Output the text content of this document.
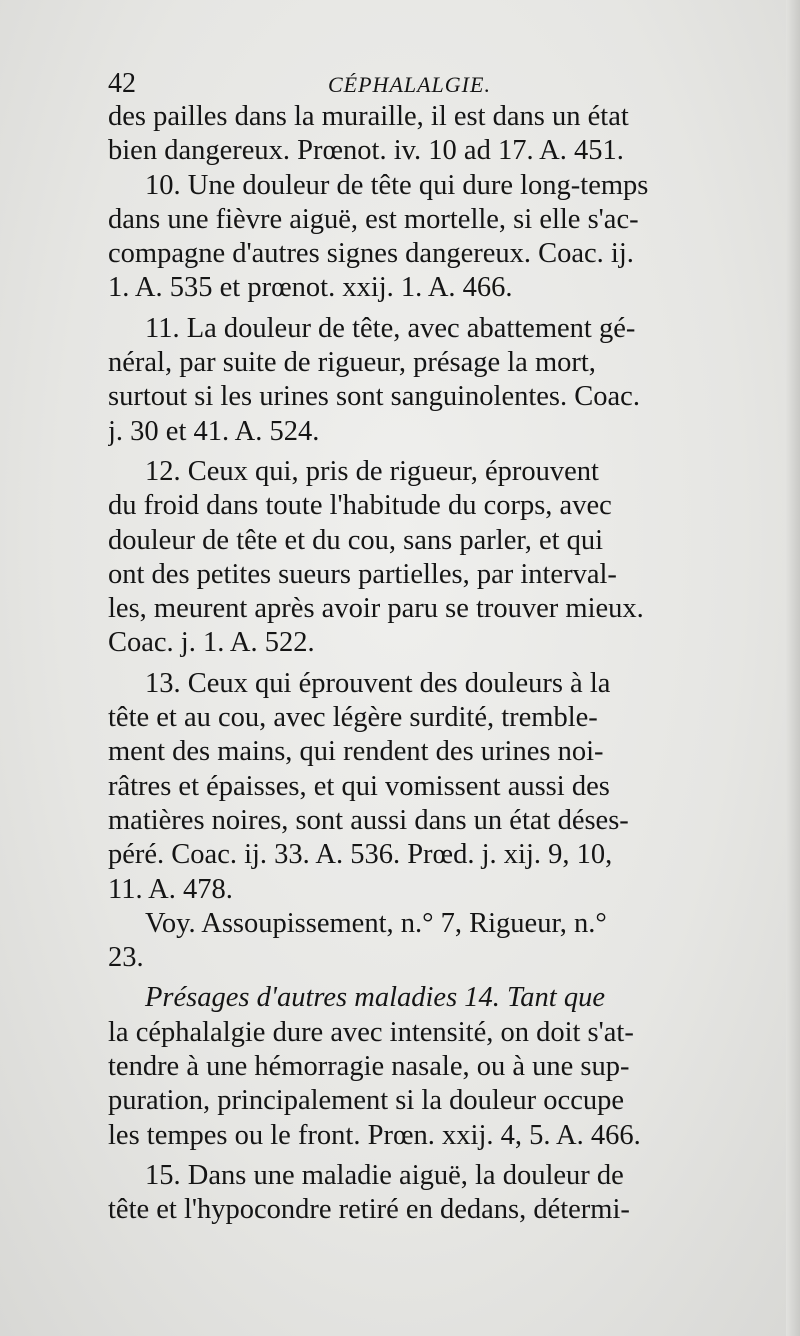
42	CÉPHALALGIE.
des pailles dans la muraille, il est dans un état
bien dangereux. Prœnot. iv. 10 ad 17. A. 451.
10. Une douleur de tête qui dure long-temps
dans une fièvre aiguë, est mortelle, si elle s'ac-
compagne d'autres signes dangereux. Coac. ij.
1. A. 535 et prœnot. xxij. 1. A. 466.
11. La douleur de tête, avec abattement gé-
néral, par suite de rigueur, présage la mort,
surtout si les urines sont sanguinolentes. Coac.
j. 30 et 41. A. 524.
12. Ceux qui, pris de rigueur, éprouvent
du froid dans toute l'habitude du corps, avec
douleur de tête et du cou, sans parler, et qui
ont des petites sueurs partielles, par interval-
les, meurent après avoir paru se trouver mieux.
Coac. j. 1. A. 522.
13. Ceux qui éprouvent des douleurs à la
tête et au cou, avec légère surdité, tremble-
ment des mains, qui rendent des urines noi-
râtres et épaisses, et qui vomissent aussi des
matières noires, sont aussi dans un état déses-
péré. Coac. ij. 33. A. 536. Prœd. j. xij. 9, 10,
11. A. 478.
Voy. Assoupissement, n.° 7, Rigueur, n.°
23.
Présages d'autres maladies 14. Tant que
la céphalalgie dure avec intensité, on doit s'at-
tendre à une hémorragie nasale, ou à une sup-
puration, principalement si la douleur occupe
les tempes ou le front. Prœn. xxij. 4, 5. A. 466.
15. Dans une maladie aiguë, la douleur de
tête et l'hypocondre retiré en dedans, détermi-
